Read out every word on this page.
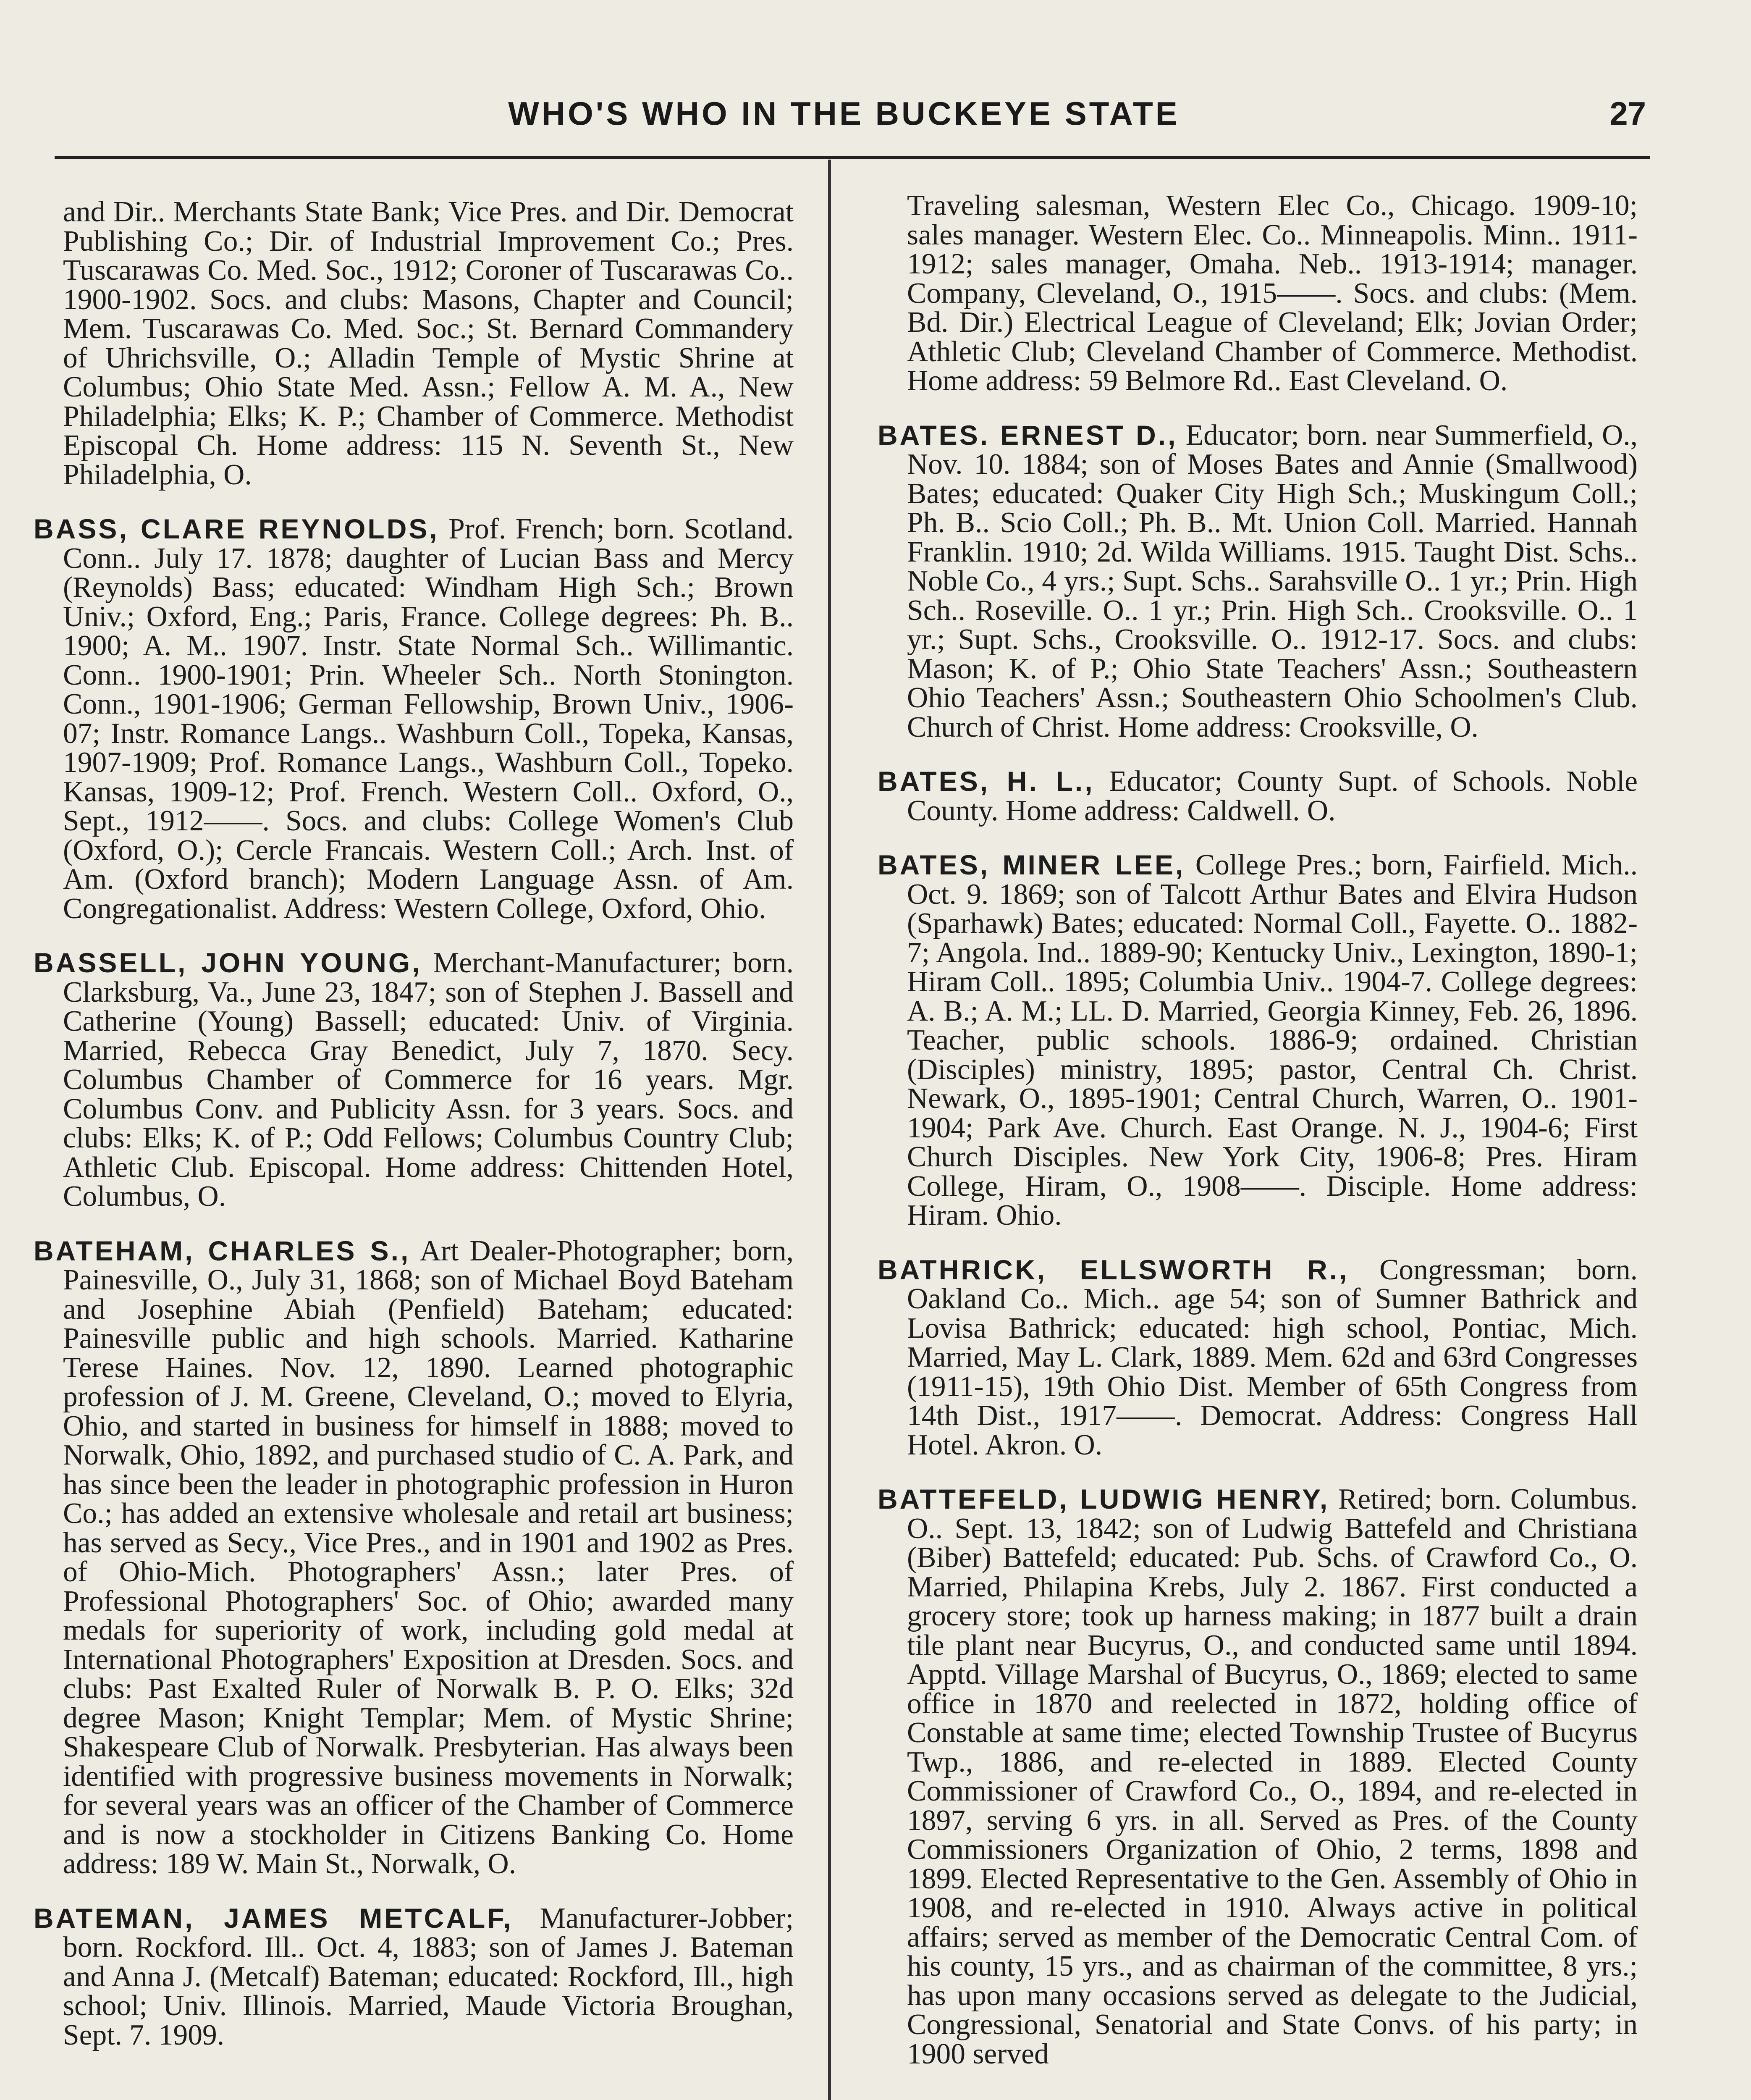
WHO'S WHO IN THE BUCKEYE STATE	27

and Dir.. Merchants State Bank; Vice Pres. and Dir. Democrat Publishing Co.; Dir. of Industrial Improvement Co.; Pres. Tuscarawas Co. Med. Soc., 1912; Coroner of Tuscarawas Co.. 1900-1902. Socs. and clubs: Masons, Chapter and Council; Mem. Tuscarawas Co. Med. Soc.; St. Bernard Commandery of Uhrichsville, O.; Alladin Temple of Mystic Shrine at Columbus; Ohio State Med. Assn.; Fellow A. M. A., New Philadelphia; Elks; K. P.; Chamber of Commerce. Methodist Episcopal Ch. Home address: 115 N. Seventh St., New Philadelphia, O.

BASS, CLARE REYNOLDS, Prof. French; born. Scotland. Conn.. July 17. 1878; daughter of Lucian Bass and Mercy (Reynolds) Bass; educated: Windham High Sch.; Brown Univ.; Oxford, Eng.; Paris, France. College degrees: Ph. B.. 1900; A. M.. 1907. Instr. State Normal Sch.. Willimantic. Conn.. 1900-1901; Prin. Wheeler Sch.. North Stonington. Conn., 1901-1906; German Fellowship, Brown Univ., 1906-07; Instr. Romance Langs.. Washburn Coll., Topeka, Kansas, 1907-1909; Prof. Romance Langs., Washburn Coll., Topeko. Kansas, 1909-12; Prof. French. Western Coll.. Oxford, O., Sept., 1912——. Socs. and clubs: College Women's Club (Oxford, O.); Cercle Francais. Western Coll.; Arch. Inst. of Am. (Oxford branch); Modern Language Assn. of Am. Congregationalist. Address: Western College, Oxford, Ohio.

BASSELL, JOHN YOUNG, Merchant-Manufacturer; born. Clarksburg, Va., June 23, 1847; son of Stephen J. Bassell and Catherine (Young) Bassell; educated: Univ. of Virginia. Married, Rebecca Gray Benedict, July 7, 1870. Secy. Columbus Chamber of Commerce for 16 years. Mgr. Columbus Conv. and Publicity Assn. for 3 years. Socs. and clubs: Elks; K. of P.; Odd Fellows; Columbus Country Club; Athletic Club. Episcopal. Home address: Chittenden Hotel, Columbus, O.

BATEHAM, CHARLES S., Art Dealer-Photographer; born, Painesville, O., July 31, 1868; son of Michael Boyd Bateham and Josephine Abiah (Penfield) Bateham; educated: Painesville public and high schools. Married. Katharine Terese Haines. Nov. 12, 1890. Learned photographic profession of J. M. Greene, Cleveland, O.; moved to Elyria, Ohio, and started in business for himself in 1888; moved to Norwalk, Ohio, 1892, and purchased studio of C. A. Park, and has since been the leader in photographic profession in Huron Co.; has added an extensive wholesale and retail art business; has served as Secy., Vice Pres., and in 1901 and 1902 as Pres. of Ohio-Mich. Photographers' Assn.; later Pres. of Professional Photographers' Soc. of Ohio; awarded many medals for superiority of work, including gold medal at International Photographers' Exposition at Dresden. Socs. and clubs: Past Exalted Ruler of Norwalk B. P. O. Elks; 32d degree Mason; Knight Templar; Mem. of Mystic Shrine; Shakespeare Club of Norwalk. Presbyterian. Has always been identified with progressive business movements in Norwalk; for several years was an officer of the Chamber of Commerce and is now a stockholder in Citizens Banking Co. Home address: 189 W. Main St., Norwalk, O.

BATEMAN, JAMES METCALF, Manufacturer-Jobber; born. Rockford. Ill.. Oct. 4, 1883; son of James J. Bateman and Anna J. (Metcalf) Bateman; educated: Rockford, Ill., high school; Univ. Illinois. Married, Maude Victoria Broughan, Sept. 7. 1909.

Traveling salesman, Western Elec Co., Chicago. 1909-10; sales manager. Western Elec. Co.. Minneapolis. Minn.. 1911-1912; sales manager, Omaha. Neb.. 1913-1914; manager. Company, Cleveland, O., 1915——. Socs. and clubs: (Mem. Bd. Dir.) Electrical League of Cleveland; Elk; Jovian Order; Athletic Club; Cleveland Chamber of Commerce. Methodist. Home address: 59 Belmore Rd.. East Cleveland. O.

BATES. ERNEST D., Educator; born. near Summerfield, O., Nov. 10. 1884; son of Moses Bates and Annie (Smallwood) Bates; educated: Quaker City High Sch.; Muskingum Coll.; Ph. B.. Scio Coll.; Ph. B.. Mt. Union Coll. Married. Hannah Franklin. 1910; 2d. Wilda Williams. 1915. Taught Dist. Schs.. Noble Co., 4 yrs.; Supt. Schs.. Sarahsville O.. 1 yr.; Prin. High Sch.. Roseville. O.. 1 yr.; Prin. High Sch.. Crooksville. O.. 1 yr.; Supt. Schs., Crooksville. O.. 1912-17. Socs. and clubs: Mason; K. of P.; Ohio State Teachers' Assn.; Southeastern Ohio Teachers' Assn.; Southeastern Ohio Schoolmen's Club. Church of Christ. Home address: Crooksville, O.

BATES, H. L., Educator; County Supt. of Schools. Noble County. Home address: Caldwell. O.

BATES, MINER LEE, College Pres.; born, Fairfield. Mich.. Oct. 9. 1869; son of Talcott Arthur Bates and Elvira Hudson (Sparhawk) Bates; educated: Normal Coll., Fayette. O.. 1882-7; Angola. Ind.. 1889-90; Kentucky Univ., Lexington, 1890-1; Hiram Coll.. 1895; Columbia Univ.. 1904-7. College degrees: A. B.; A. M.; LL. D. Married, Georgia Kinney, Feb. 26, 1896. Teacher, public schools. 1886-9; ordained. Christian (Disciples) ministry, 1895; pastor, Central Ch. Christ. Newark, O., 1895-1901; Central Church, Warren, O.. 1901-1904; Park Ave. Church. East Orange. N. J., 1904-6; First Church Disciples. New York City, 1906-8; Pres. Hiram College, Hiram, O., 1908——. Disciple. Home address: Hiram. Ohio.

BATHRICK, ELLSWORTH R., Congressman; born. Oakland Co.. Mich.. age 54; son of Sumner Bathrick and Lovisa Bathrick; educated: high school, Pontiac, Mich. Married, May L. Clark, 1889. Mem. 62d and 63rd Congresses (1911-15), 19th Ohio Dist. Member of 65th Congress from 14th Dist., 1917——. Democrat. Address: Congress Hall Hotel. Akron. O.

BATTEFELD, LUDWIG HENRY, Retired; born. Columbus. O.. Sept. 13, 1842; son of Ludwig Battefeld and Christiana (Biber) Battefeld; educated: Pub. Schs. of Crawford Co., O. Married, Philapina Krebs, July 2. 1867. First conducted a grocery store; took up harness making; in 1877 built a drain tile plant near Bucyrus, O., and conducted same until 1894. Apptd. Village Marshal of Bucyrus, O., 1869; elected to same office in 1870 and reelected in 1872, holding office of Constable at same time; elected Township Trustee of Bucyrus Twp., 1886, and re-elected in 1889. Elected County Commissioner of Crawford Co., O., 1894, and re-elected in 1897, serving 6 yrs. in all. Served as Pres. of the County Commissioners Organization of Ohio, 2 terms, 1898 and 1899. Elected Representative to the Gen. Assembly of Ohio in 1908, and re-elected in 1910. Always active in political affairs; served as member of the Democratic Central Com. of his county, 15 yrs., and as chairman of the committee, 8 yrs.; has upon many occasions served as delegate to the Judicial, Congressional, Senatorial and State Convs. of his party; in 1900 served
